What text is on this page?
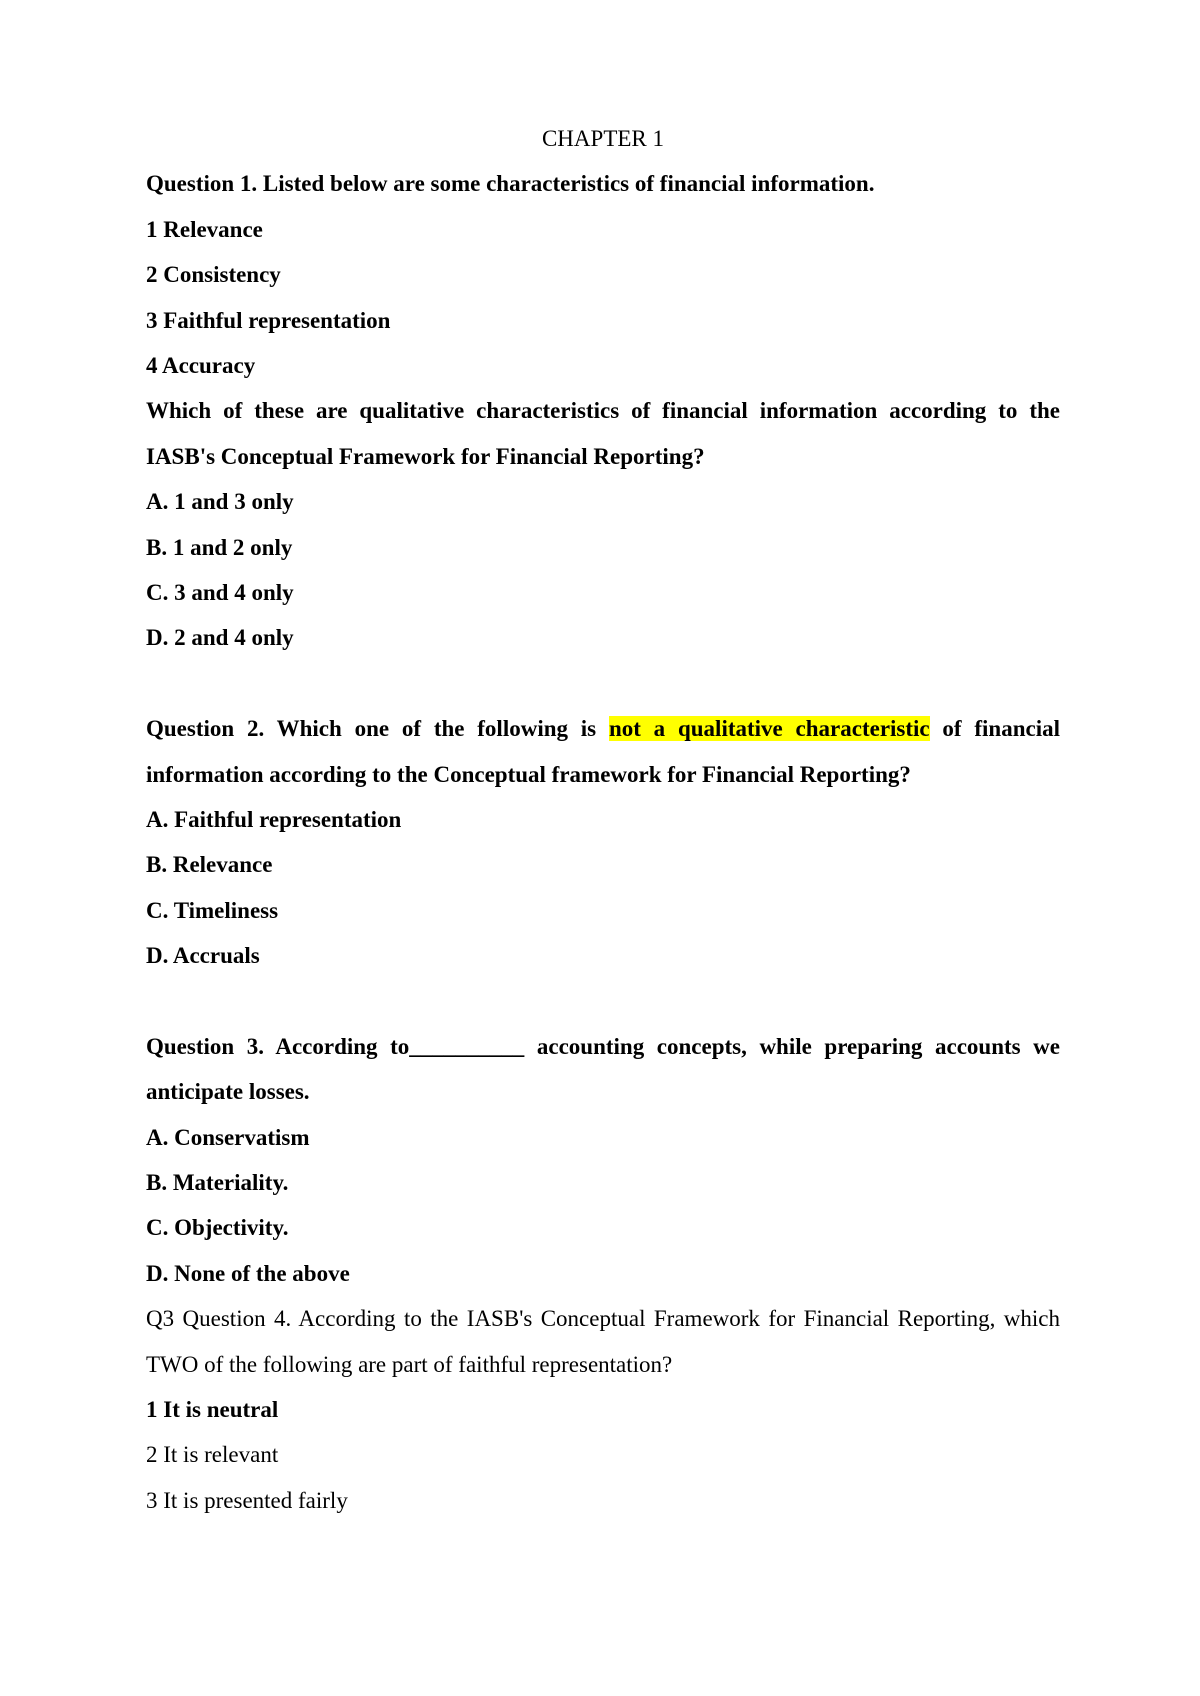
CHAPTER 1
Question 1. Listed below are some characteristics of financial information.
1 Relevance
2 Consistency
3 Faithful representation
4 Accuracy
Which of these are qualitative characteristics of financial information according to the IASB's Conceptual Framework for Financial Reporting?
A. 1 and 3 only
B. 1 and 2 only
C. 3 and 4 only
D. 2 and 4 only
Question 2. Which one of the following is not a qualitative characteristic of financial information according to the Conceptual framework for Financial Reporting?
A. Faithful representation
B. Relevance
C. Timeliness
D. Accruals
Question 3. According to__________ accounting concepts, while preparing accounts we anticipate losses.
A. Conservatism
B. Materiality.
C. Objectivity.
D. None of the above
Q3 Question 4. According to the IASB's Conceptual Framework for Financial Reporting, which TWO of the following are part of faithful representation?
1 It is neutral
2 It is relevant
3 It is presented fairly
